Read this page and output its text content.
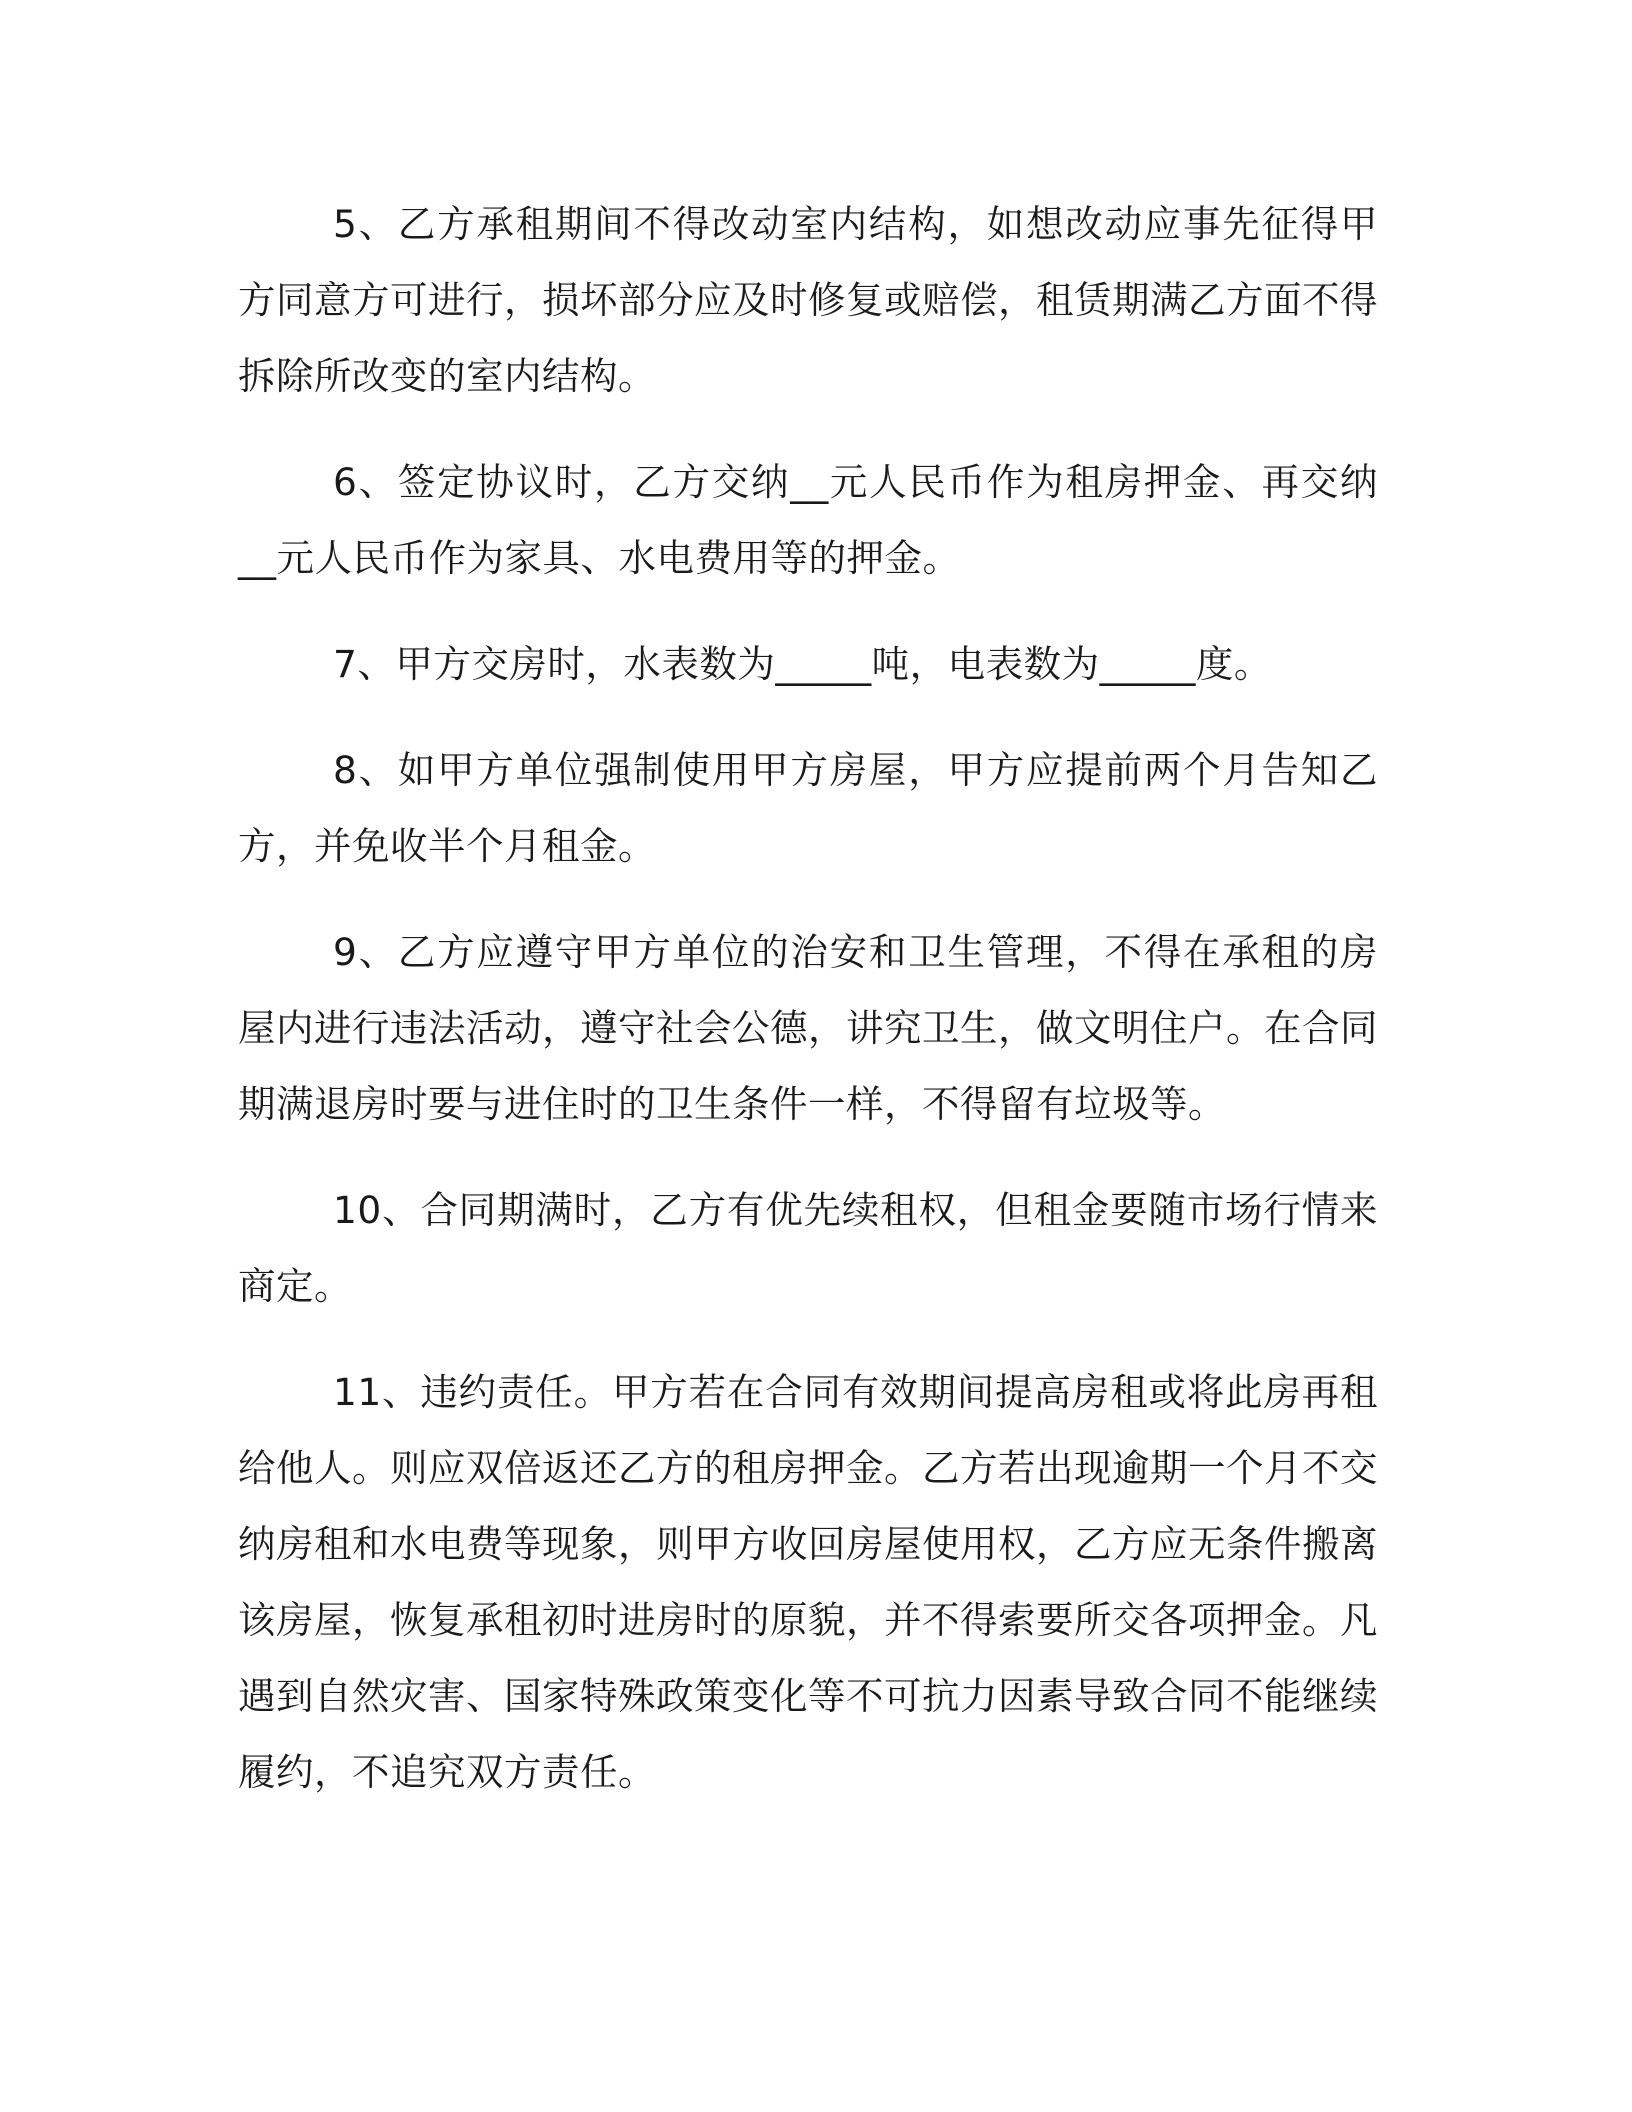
5、乙方承租期间不得改动室内结构，如想改动应事先征得甲方同意方可进行，损坏部分应及时修复或赔偿，租赁期满乙方面不得拆除所改变的室内结构。

6、签定协议时，乙方交纳__元人民币作为租房押金、再交纳__元人民币作为家具、水电费用等的押金。

7、甲方交房时，水表数为_____吨，电表数为_____度。

8、如甲方单位强制使用甲方房屋，甲方应提前两个月告知乙方，并免收半个月租金。

9、乙方应遵守甲方单位的治安和卫生管理，不得在承租的房屋内进行违法活动，遵守社会公德，讲究卫生，做文明住户。在合同期满退房时要与进住时的卫生条件一样，不得留有垃圾等。

10、合同期满时，乙方有优先续租权，但租金要随市场行情来商定。

11、违约责任。甲方若在合同有效期间提高房租或将此房再租给他人。则应双倍返还乙方的租房押金。乙方若出现逾期一个月不交纳房租和水电费等现象，则甲方收回房屋使用权，乙方应无条件搬离该房屋，恢复承租初时进房时的原貌，并不得索要所交各项押金。凡遇到自然灾害、国家特殊政策变化等不可抗力因素导致合同不能继续履约，不追究双方责任。
